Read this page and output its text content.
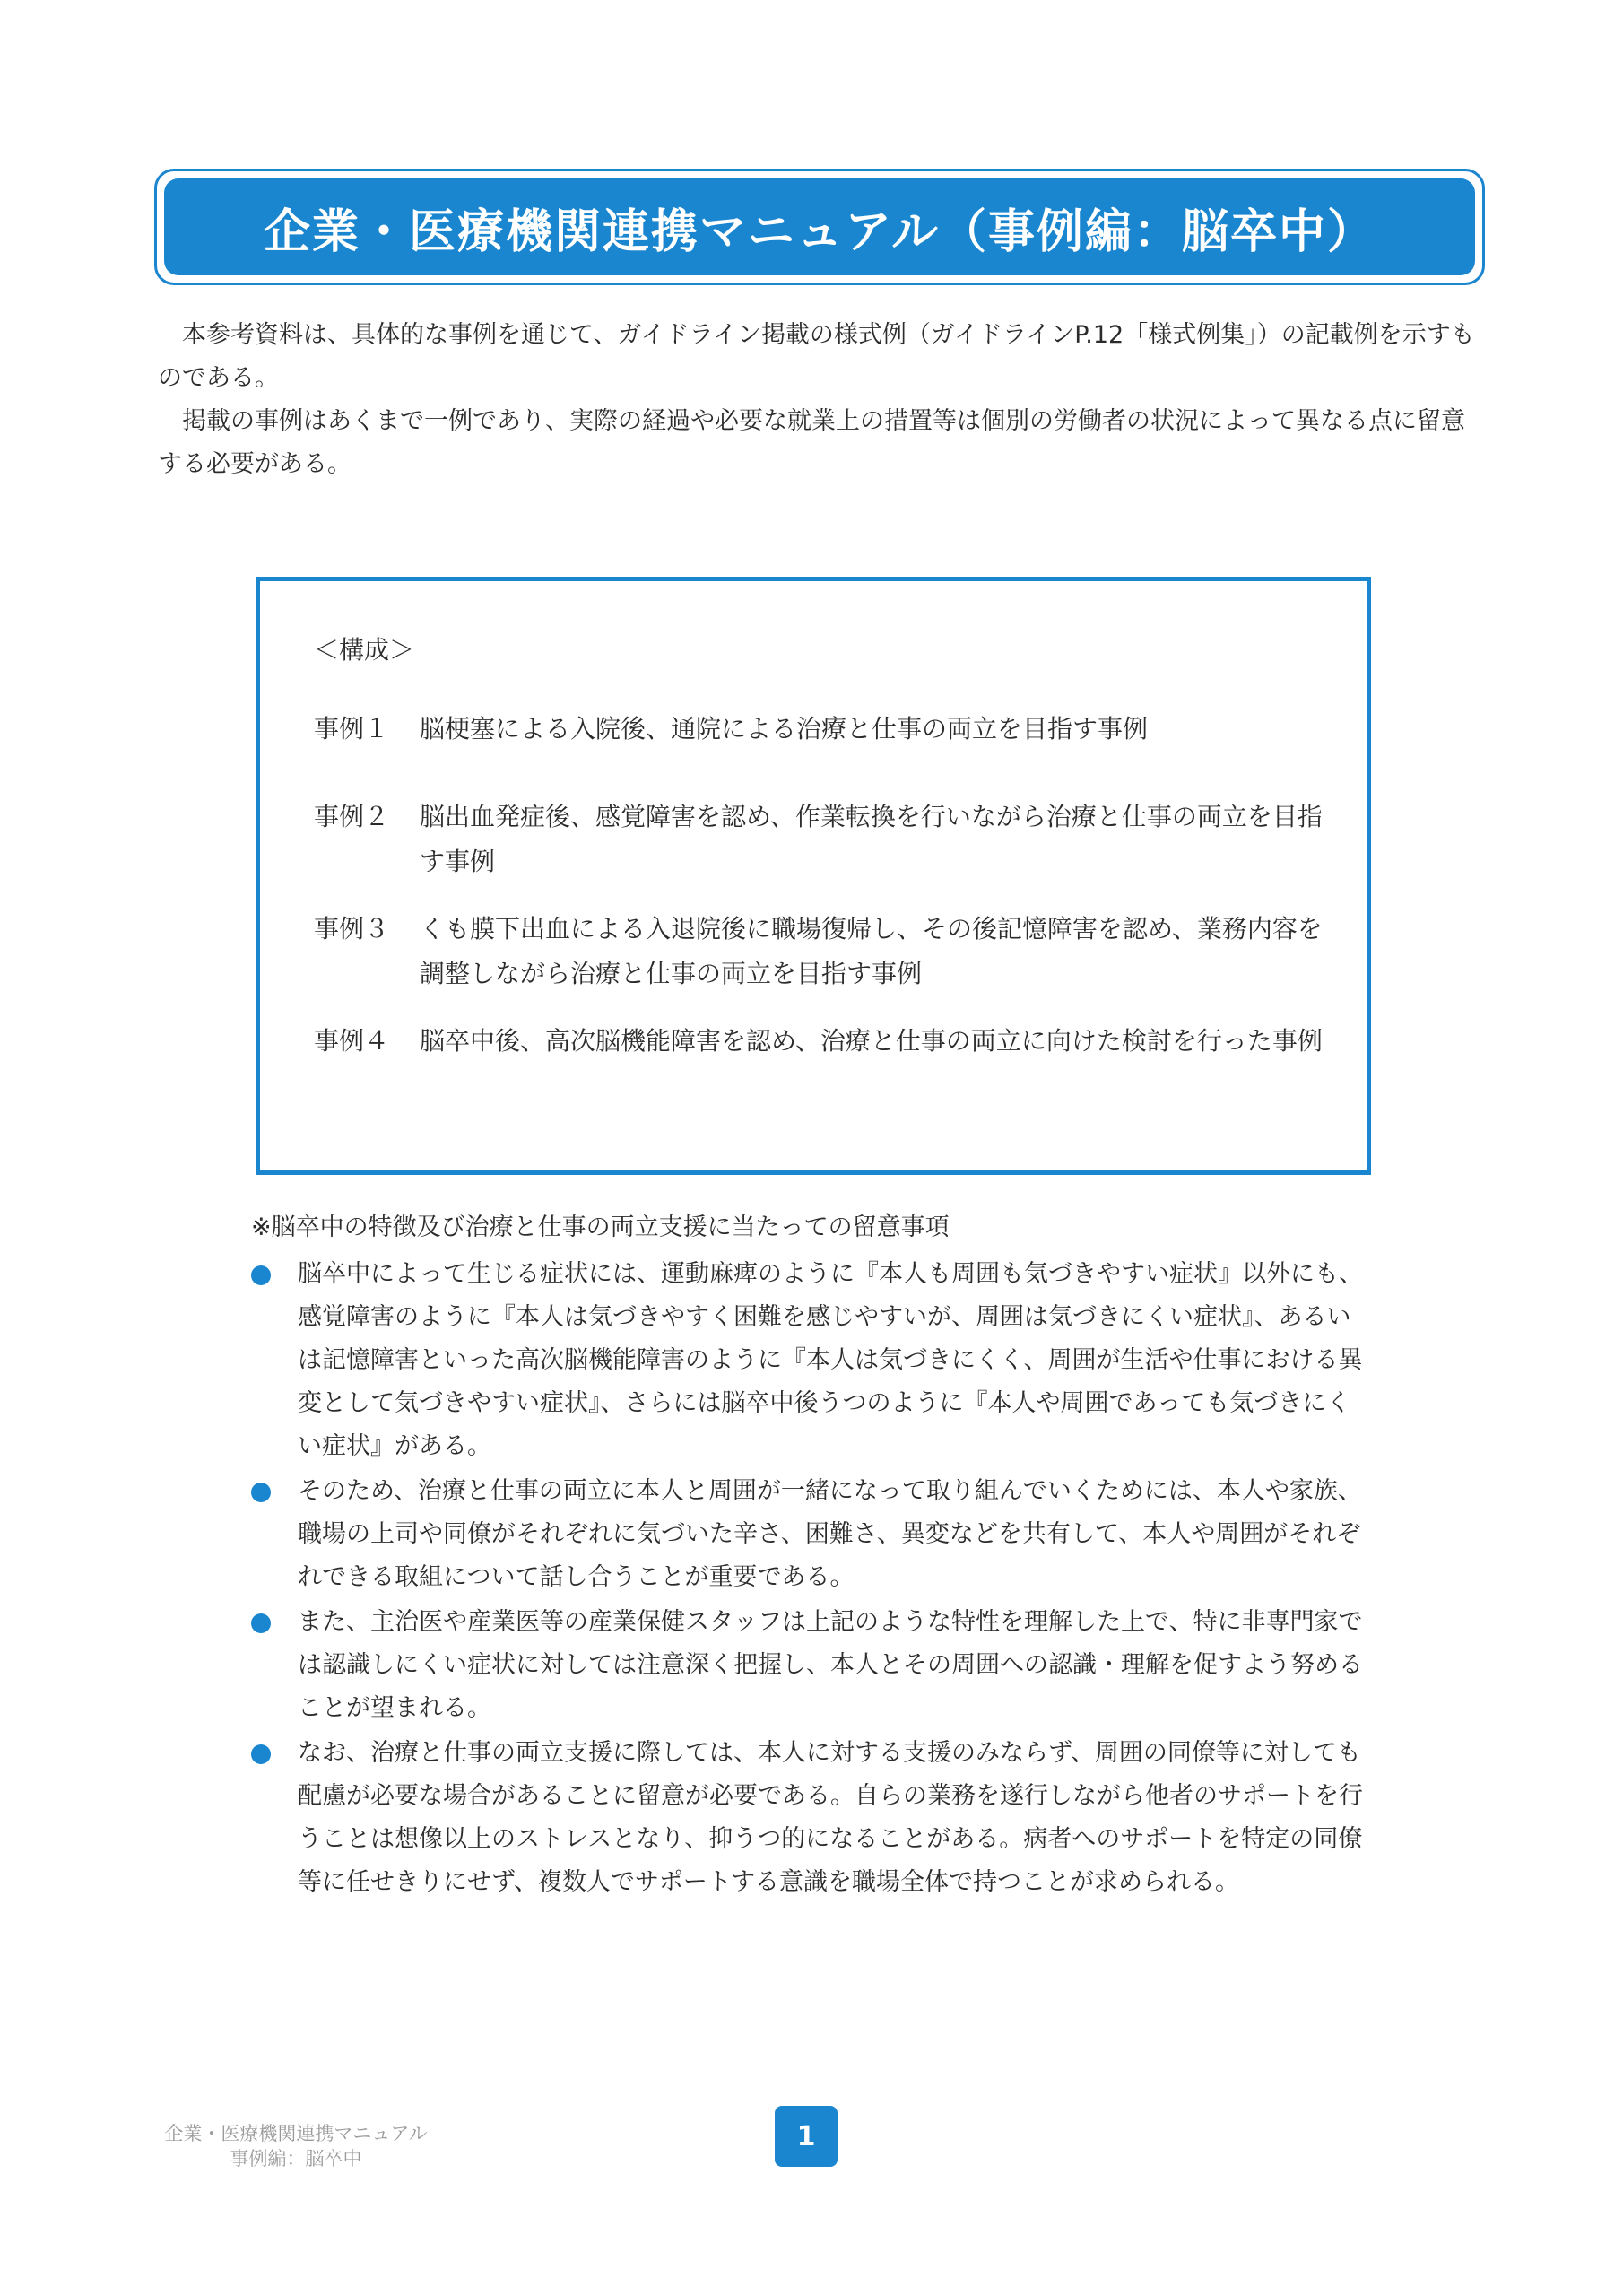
企業・医療機関連携マニュアル（事例編：脳卒中）

本参考資料は、具体的な事例を通じて、ガイドライン掲載の様式例（ガイドラインP.12「様式例集」）の記載例を示すものである。

掲載の事例はあくまで一例であり、実際の経過や必要な就業上の措置等は個別の労働者の状況によって異なる点に留意する必要がある。

＜構成＞
事例１	脳梗塞による入院後、通院による治療と仕事の両立を目指す事例
事例２	脳出血発症後、感覚障害を認め、作業転換を行いながら治療と仕事の両立を目指す事例
事例３	くも膜下出血による入退院後に職場復帰し、その後記憶障害を認め、業務内容を調整しながら治療と仕事の両立を目指す事例
事例４	脳卒中後、高次脳機能障害を認め、治療と仕事の両立に向けた検討を行った事例

※脳卒中の特徴及び治療と仕事の両立支援に当たっての留意事項

脳卒中によって生じる症状には、運動麻痺のように『本人も周囲も気づきやすい症状』以外にも、感覚障害のように『本人は気づきやすく困難を感じやすいが、周囲は気づきにくい症状』、あるいは記憶障害といった高次脳機能障害のように『本人は気づきにくく、周囲が生活や仕事における異変として気づきやすい症状』、さらには脳卒中後うつのように『本人や周囲であっても気づきにくい症状』がある。
そのため、治療と仕事の両立に本人と周囲が一緒になって取り組んでいくためには、本人や家族、職場の上司や同僚がそれぞれに気づいた辛さ、困難さ、異変などを共有して、本人や周囲がそれぞれできる取組について話し合うことが重要である。
また、主治医や産業医等の産業保健スタッフは上記のような特性を理解した上で、特に非専門家では認識しにくい症状に対しては注意深く把握し、本人とその周囲への認識・理解を促すよう努めることが望まれる。
なお、治療と仕事の両立支援に際しては、本人に対する支援のみならず、周囲の同僚等に対しても配慮が必要な場合があることに留意が必要である。自らの業務を遂行しながら他者のサポートを行うことは想像以上のストレスとなり、抑うつ的になることがある。病者へのサポートを特定の同僚等に任せきりにせず、複数人でサポートする意識を職場全体で持つことが求められる。
企業・医療機関連携マニュアル
事例編：脳卒中
1
